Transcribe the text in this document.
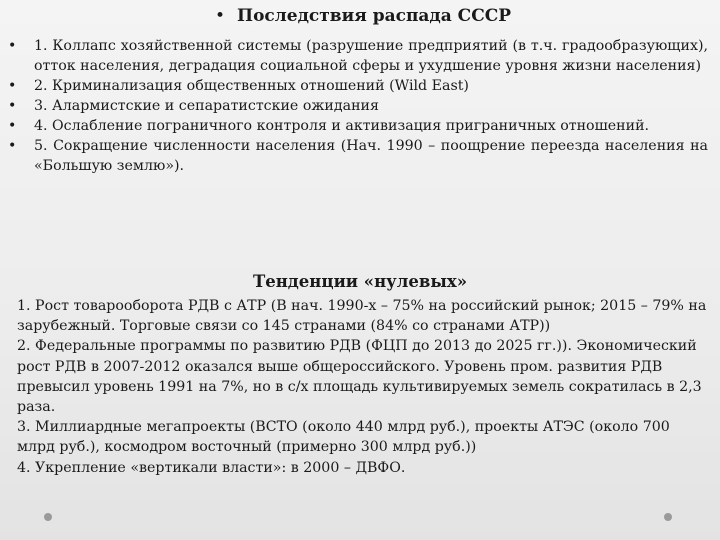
• Последствия распада СССР
• 1. Коллапс хозяйственной системы (разрушение предприятий (в т.ч. градообразующих), отток населения, деградация социальной сферы и ухудшение уровня жизни населения)
• 2. Криминализация общественных отношений (Wild East)
• 3. Алармистские и сепаратистские ожидания
• 4. Ослабление пограничного контроля и активизация приграничных отношений.
• 5. Сокращение численности населения (Нач. 1990 – поощрение переезда населения на «Большую землю»).
Тенденции «нулевых»

1. Рост товарооборота РДВ с АТР (В нач. 1990-х – 75% на российский рынок; 2015 – 79% на зарубежный. Торговые связи со 145 странами (84% со странами АТР))

2. Федеральные программы по развитию РДВ (ФЦП до 2013 до 2025 гг.)). Экономический рост РДВ в 2007-2012 оказался выше общероссийского. Уровень пром. развития РДВ превысил уровень 1991 на 7%, но в с/х площадь культивируемых земель сократилась в 2,3 раза.

3. Миллиардные мегапроекты (ВСТО (около 440 млрд руб.), проекты АТЭС (около 700 млрд руб.), космодром восточный (примерно 300 млрд руб.))

4. Укрепление «вертикали власти»: в 2000 – ДВФО.
